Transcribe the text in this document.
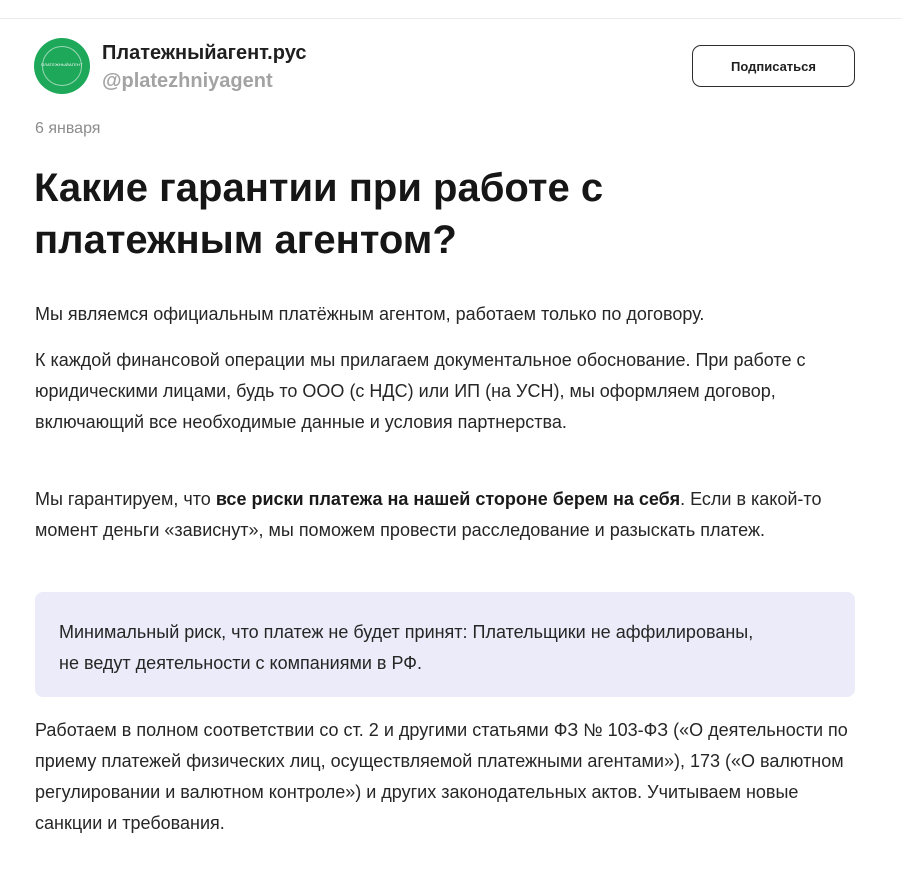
ПЛАТЕЖНЫЙАГЕНТ
Платежныйагент.рус
@platezhniyagent
Подписаться
6 января
Какие гарантии при работе с платежным агентом?

Мы являемся официальным платёжным агентом, работаем только по договору.

К каждой финансовой операции мы прилагаем документальное обоснование. При работе с юридическими лицами, будь то ООО (с НДС) или ИП (на УСН), мы оформляем договор, включающий все необходимые данные и условия партнерства.

Мы гарантируем, что все риски платежа на нашей стороне берем на себя. Если в какой-то момент деньги «зависнут», мы поможем провести расследование и разыскать платеж.

Минимальный риск, что платеж не будет принят: Плательщики не аффилированы, не ведут деятельности с компаниями в РФ.

Работаем в полном соответствии со ст. 2 и другими статьями ФЗ № 103-ФЗ («О деятельности по приему платежей физических лиц, осуществляемой платежными агентами»), 173 («О валютном регулировании и валютном контроле») и других законодательных актов. Учитываем новые санкции и требования.
